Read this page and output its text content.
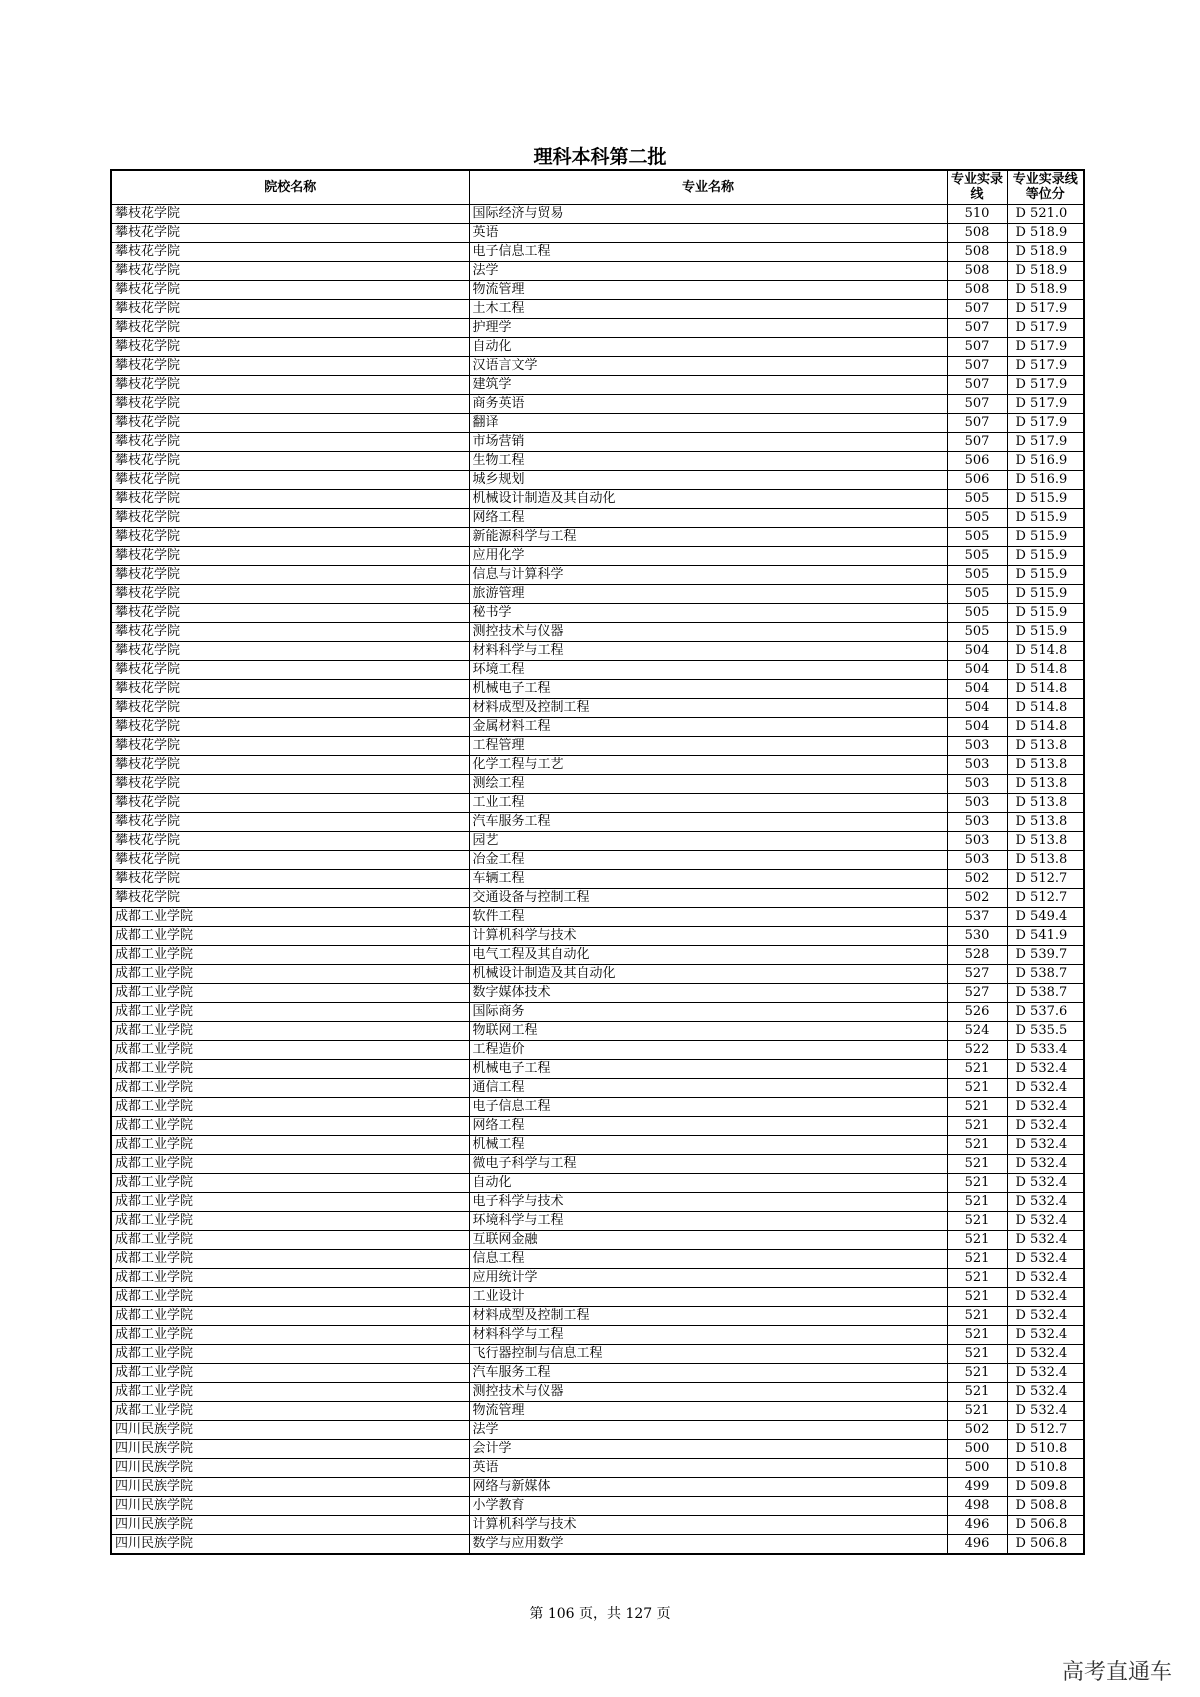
理科本科第二批
院校名称	专业名称	专业实录线	专业实录线等位分
攀枝花学院	国际经济与贸易	510	D 521.0
攀枝花学院	英语	508	D 518.9
攀枝花学院	电子信息工程	508	D 518.9
攀枝花学院	法学	508	D 518.9
攀枝花学院	物流管理	508	D 518.9
攀枝花学院	土木工程	507	D 517.9
攀枝花学院	护理学	507	D 517.9
攀枝花学院	自动化	507	D 517.9
攀枝花学院	汉语言文学	507	D 517.9
攀枝花学院	建筑学	507	D 517.9
攀枝花学院	商务英语	507	D 517.9
攀枝花学院	翻译	507	D 517.9
攀枝花学院	市场营销	507	D 517.9
攀枝花学院	生物工程	506	D 516.9
攀枝花学院	城乡规划	506	D 516.9
攀枝花学院	机械设计制造及其自动化	505	D 515.9
攀枝花学院	网络工程	505	D 515.9
攀枝花学院	新能源科学与工程	505	D 515.9
攀枝花学院	应用化学	505	D 515.9
攀枝花学院	信息与计算科学	505	D 515.9
攀枝花学院	旅游管理	505	D 515.9
攀枝花学院	秘书学	505	D 515.9
攀枝花学院	测控技术与仪器	505	D 515.9
攀枝花学院	材料科学与工程	504	D 514.8
攀枝花学院	环境工程	504	D 514.8
攀枝花学院	机械电子工程	504	D 514.8
攀枝花学院	材料成型及控制工程	504	D 514.8
攀枝花学院	金属材料工程	504	D 514.8
攀枝花学院	工程管理	503	D 513.8
攀枝花学院	化学工程与工艺	503	D 513.8
攀枝花学院	测绘工程	503	D 513.8
攀枝花学院	工业工程	503	D 513.8
攀枝花学院	汽车服务工程	503	D 513.8
攀枝花学院	园艺	503	D 513.8
攀枝花学院	冶金工程	503	D 513.8
攀枝花学院	车辆工程	502	D 512.7
攀枝花学院	交通设备与控制工程	502	D 512.7
成都工业学院	软件工程	537	D 549.4
成都工业学院	计算机科学与技术	530	D 541.9
成都工业学院	电气工程及其自动化	528	D 539.7
成都工业学院	机械设计制造及其自动化	527	D 538.7
成都工业学院	数字媒体技术	527	D 538.7
成都工业学院	国际商务	526	D 537.6
成都工业学院	物联网工程	524	D 535.5
成都工业学院	工程造价	522	D 533.4
成都工业学院	机械电子工程	521	D 532.4
成都工业学院	通信工程	521	D 532.4
成都工业学院	电子信息工程	521	D 532.4
成都工业学院	网络工程	521	D 532.4
成都工业学院	机械工程	521	D 532.4
成都工业学院	微电子科学与工程	521	D 532.4
成都工业学院	自动化	521	D 532.4
成都工业学院	电子科学与技术	521	D 532.4
成都工业学院	环境科学与工程	521	D 532.4
成都工业学院	互联网金融	521	D 532.4
成都工业学院	信息工程	521	D 532.4
成都工业学院	应用统计学	521	D 532.4
成都工业学院	工业设计	521	D 532.4
成都工业学院	材料成型及控制工程	521	D 532.4
成都工业学院	材料科学与工程	521	D 532.4
成都工业学院	飞行器控制与信息工程	521	D 532.4
成都工业学院	汽车服务工程	521	D 532.4
成都工业学院	测控技术与仪器	521	D 532.4
成都工业学院	物流管理	521	D 532.4
四川民族学院	法学	502	D 512.7
四川民族学院	会计学	500	D 510.8
四川民族学院	英语	500	D 510.8
四川民族学院	网络与新媒体	499	D 509.8
四川民族学院	小学教育	498	D 508.8
四川民族学院	计算机科学与技术	496	D 506.8
四川民族学院	数学与应用数学	496	D 506.8
第 106 页，共 127 页
高考直通车
